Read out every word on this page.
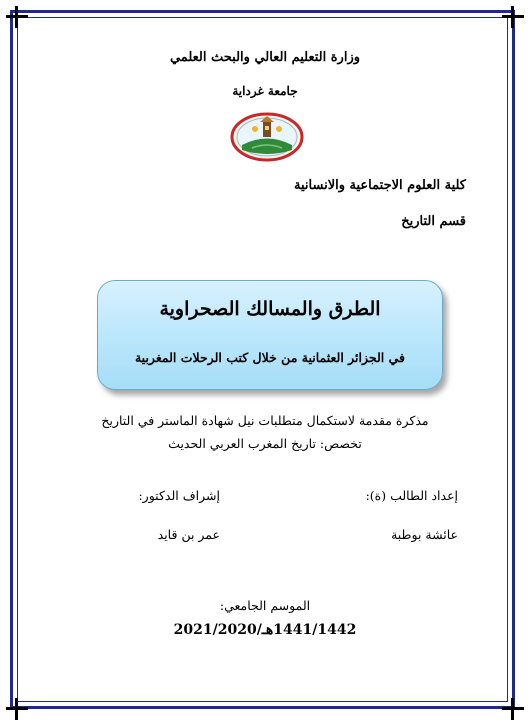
وزارة التعليم العالي والبحث العلمي
جامعة غرداية
كلية العلوم الاجتماعية والانسانية
قسم التاريخ
الطرق والمسالك الصحراوية
في الجزائر العثمانية من خلال كتب الرحلات المغربية
مذكرة مقدمة لاستكمال متطلبات نيل شهادة الماستر في التاريخ
تخصص: تاريخ المغرب العربي الحديث
إعداد الطالب (ة):
إشراف الدكتور:
عائشة بوطبة
عمر بن قايد
الموسم الجامعي:
1441/1442هـ/2021/2020
